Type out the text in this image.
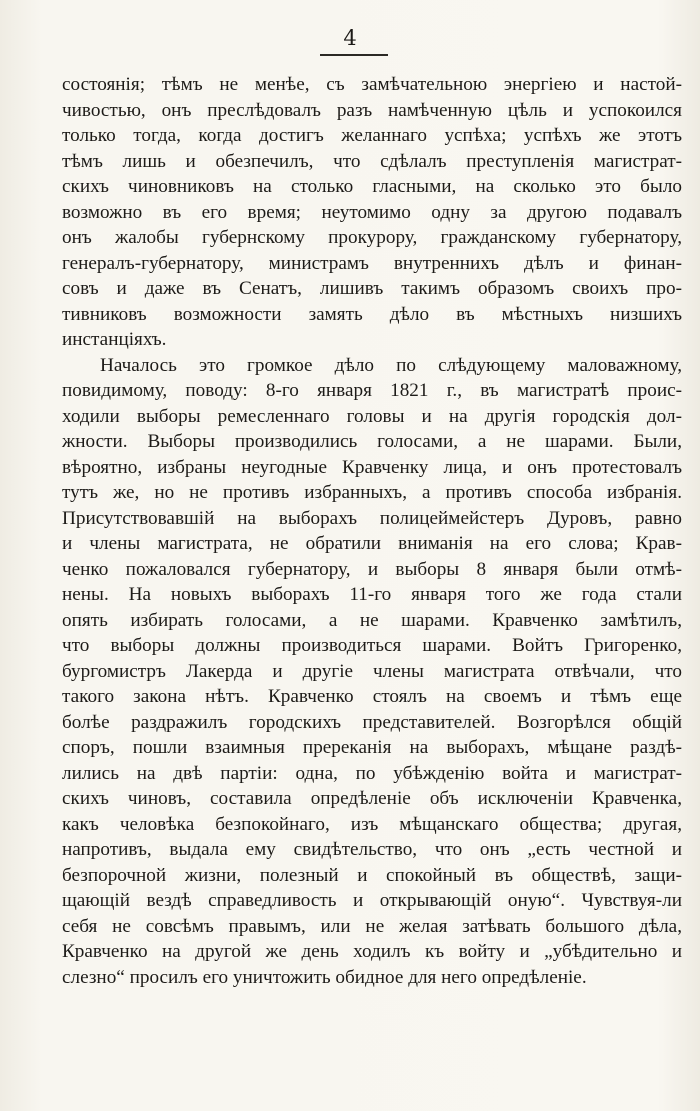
4
состоянія; тѣмъ не менѣе, съ замѣчательною энергіею и настой-
чивостью, онъ преслѣдовалъ разъ намѣченную цѣль и успокоился
только тогда, когда достигъ желаннаго успѣха; успѣхъ же этотъ
тѣмъ лишь и обезпечилъ, что сдѣлалъ преступленія магистрат-
скихъ чиновниковъ на столько гласными, на сколько это было
возможно въ его время; неутомимо одну за другою подавалъ
онъ жалобы губернскому прокурору, гражданскому губернатору,
генералъ-губернатору, министрамъ внутреннихъ дѣлъ и финан-
совъ и даже въ Сенатъ, лишивъ такимъ образомъ своихъ про-
тивниковъ возможности замять дѣло въ мѣстныхъ низшихъ
инстанціяхъ.
Началось это громкое дѣло по слѣдующему маловажному,
повидимому, поводу: 8-го января 1821 г., въ магистратѣ проис-
ходили выборы ремесленнаго головы и на другія городскія дол-
жности. Выборы производились голосами, а не шарами. Были,
вѣроятно, избраны неугодные Кравченку лица, и онъ протестовалъ
тутъ же, но не противъ избранныхъ, а противъ способа избранія.
Присутствовавшій на выборахъ полицеймейстеръ Дуровъ, равно
и члены магистрата, не обратили вниманія на его слова; Крав-
ченко пожаловался губернатору, и выборы 8 января были отмѣ-
нены. На новыхъ выборахъ 11-го января того же года стали
опять избирать голосами, а не шарами. Кравченко замѣтилъ,
что выборы должны производиться шарами. Войтъ Григоренко,
бургомистръ Лакерда и другіе члены магистрата отвѣчали, что
такого закона нѣтъ. Кравченко стоялъ на своемъ и тѣмъ еще
болѣе раздражилъ городскихъ представителей. Возгорѣлся общій
споръ, пошли взаимныя пререканія на выборахъ, мѣщане раздѣ-
лились на двѣ партіи: одна, по убѣжденію войта и магистрат-
скихъ чиновъ, составила опредѣленіе объ исключеніи Кравченка,
какъ человѣка безпокойнаго, изъ мѣщанскаго общества; другая,
напротивъ, выдала ему свидѣтельство, что онъ „есть честной и
безпорочной жизни, полезный и спокойный въ обществѣ, защи-
щающій вездѣ справедливость и открывающій оную“. Чувствуя-ли
себя не совсѣмъ правымъ, или не желая затѣвать большого дѣла,
Кравченко на другой же день ходилъ къ войту и „убѣдительно и
слезно“ просилъ его уничтожить обидное для него опредѣленіе.
